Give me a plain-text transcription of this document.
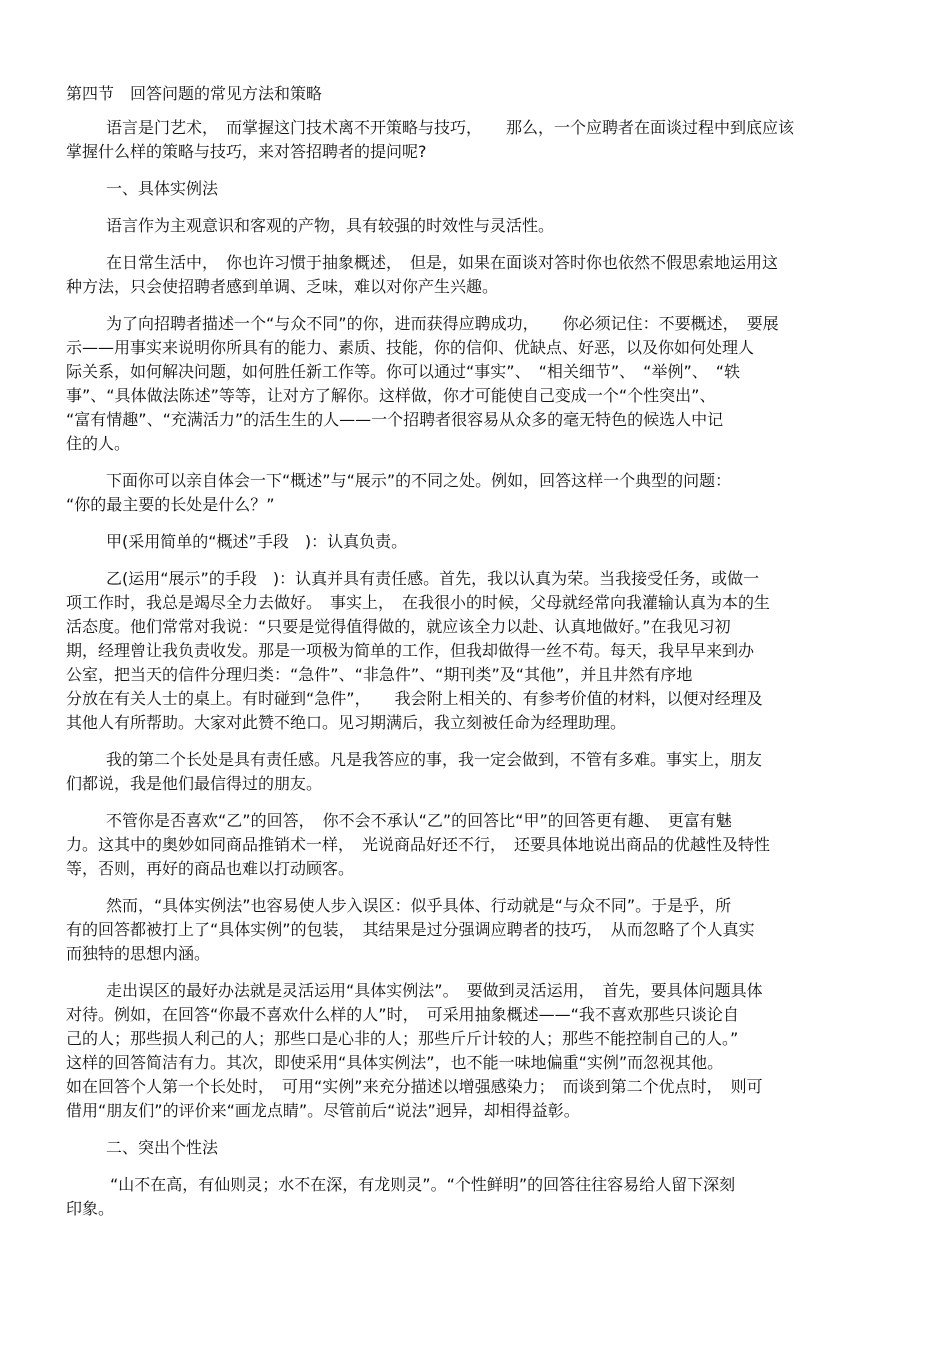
第四节　回答问题的常见方法和策略
语言是门艺术，　而掌握这门技术离不开策略与技巧，　　那么，一个应聘者在面谈过程中到底应该
掌握什么样的策略与技巧，来对答招聘者的提问呢?
一、具体实例法
语言作为主观意识和客观的产物，具有较强的时效性与灵活性。
在日常生活中，　你也许习惯于抽象概述，　但是，如果在面谈对答时你也依然不假思索地运用这
种方法，只会使招聘者感到单调、乏味，难以对你产生兴趣。
为了向招聘者描述一个“与众不同”的你，进而获得应聘成功，　　你必须记住：不要概述，　要展
示——用事实来说明你所具有的能力、素质、技能，你的信仰、优缺点、好恶，以及你如何处理人
际关系，如何解决问题，如何胜任新工作等。你可以通过“事实”、　“相关细节”、　“举例”、　“轶
事”、“具体做法陈述”等等，让对方了解你。这样做，你才可能使自己变成一个“个性突出”、
“富有情趣”、“充满活力”的活生生的人——一个招聘者很容易从众多的毫无特色的候选人中记
住的人。
下面你可以亲自体会一下“概述”与“展示”的不同之处。例如，回答这样一个典型的问题：
“你的最主要的长处是什么？”
甲(采用简单的“概述”手段　)：认真负责。
乙(运用“展示”的手段　)：认真并具有责任感。首先，我以认真为荣。当我接受任务，或做一
项工作时，我总是竭尽全力去做好。　事实上，　在我很小的时候，父母就经常向我灌输认真为本的生
活态度。他们常常对我说：“只要是觉得值得做的，就应该全力以赴、认真地做好。”在我见习初
期，经理曾让我负责收发。那是一项极为简单的工作，但我却做得一丝不苟。每天，我早早来到办
公室，把当天的信件分理归类：“急件”、“非急件”、“期刊类”及“其他”，并且井然有序地
分放在有关人士的桌上。有时碰到“急件”，　　我会附上相关的、有参考价值的材料，以便对经理及
其他人有所帮助。大家对此赞不绝口。见习期满后，我立刻被任命为经理助理。
我的第二个长处是具有责任感。凡是我答应的事，我一定会做到，不管有多难。事实上，朋友
们都说，我是他们最信得过的朋友。
不管你是否喜欢“乙”的回答，　你不会不承认“乙”的回答比“甲”的回答更有趣、　更富有魅
力。这其中的奥妙如同商品推销术一样，　光说商品好还不行，　还要具体地说出商品的优越性及特性
等，否则，再好的商品也难以打动顾客。
然而，“具体实例法”也容易使人步入误区：似乎具体、行动就是“与众不同”。于是乎，所
有的回答都被打上了“具体实例”的包装，　其结果是过分强调应聘者的技巧，　从而忽略了个人真实
而独特的思想内涵。
走出误区的最好办法就是灵活运用“具体实例法”。　要做到灵活运用，　首先，要具体问题具体
对待。例如，在回答“你最不喜欢什么样的人”时，　可采用抽象概述——“我不喜欢那些只谈论自
己的人；那些损人利己的人；那些口是心非的人；那些斤斤计较的人；那些不能控制自己的人。”
这样的回答简洁有力。其次，即使采用“具体实例法”，也不能一味地偏重“实例”而忽视其他。
如在回答个人第一个长处时，　可用“实例”来充分描述以增强感染力；　而谈到第二个优点时，　则可
借用“朋友们”的评价来“画龙点睛”。尽管前后“说法”迥异，却相得益彰。
二、突出个性法
“山不在高，有仙则灵；水不在深，有龙则灵”。“个性鲜明”的回答往往容易给人留下深刻
印象。
